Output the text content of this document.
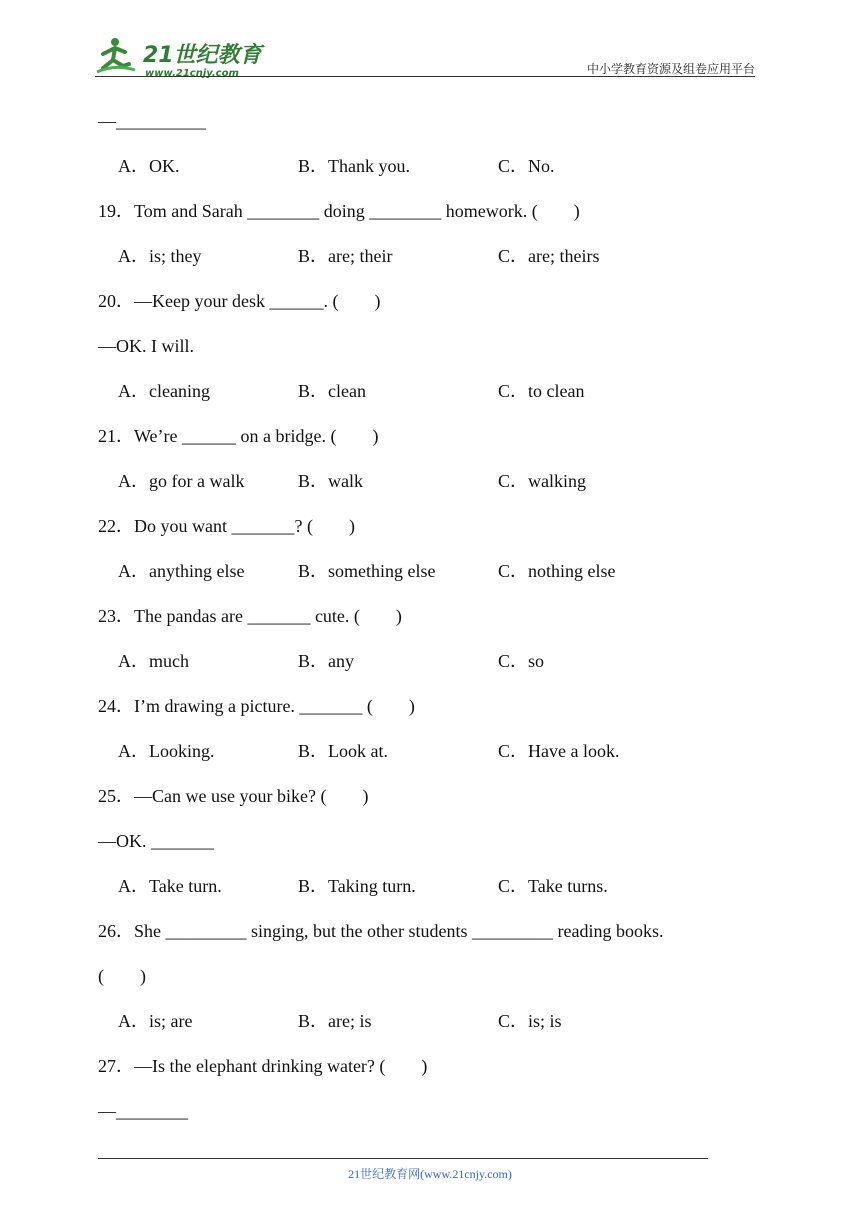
21世纪教育
www.21cnjy.com	中小学教育资源及组卷应用平台
—__________
A．OK.	B．Thank you.	C．No.
19．Tom and Sarah ________ doing ________ homework. (　　)
A．is; they	B．are; their	C．are; theirs
20．—Keep your desk ______. (　　)
—OK. I will.
A．cleaning	B．clean	C．to clean
21．We’re ______ on a bridge. (　　)
A．go for a walk	B．walk	C．walking
22．Do you want _______? (　　)
A．anything else	B．something else	C．nothing else
23．The pandas are _______ cute. (　　)
A．much	B．any	C．so
24．I’m drawing a picture. _______ (　　)
A．Looking.	B．Look at.	C．Have a look.
25．—Can we use your bike? (　　)
—OK. _______
A．Take turn.	B．Taking turn.	C．Take turns.
26．She _________ singing, but the other students _________ reading books.
(　　)
A．is; are	B．are; is	C．is; is
27．—Is the elephant drinking water? (　　)
—________
21世纪教育网(www.21cnjy.com)
